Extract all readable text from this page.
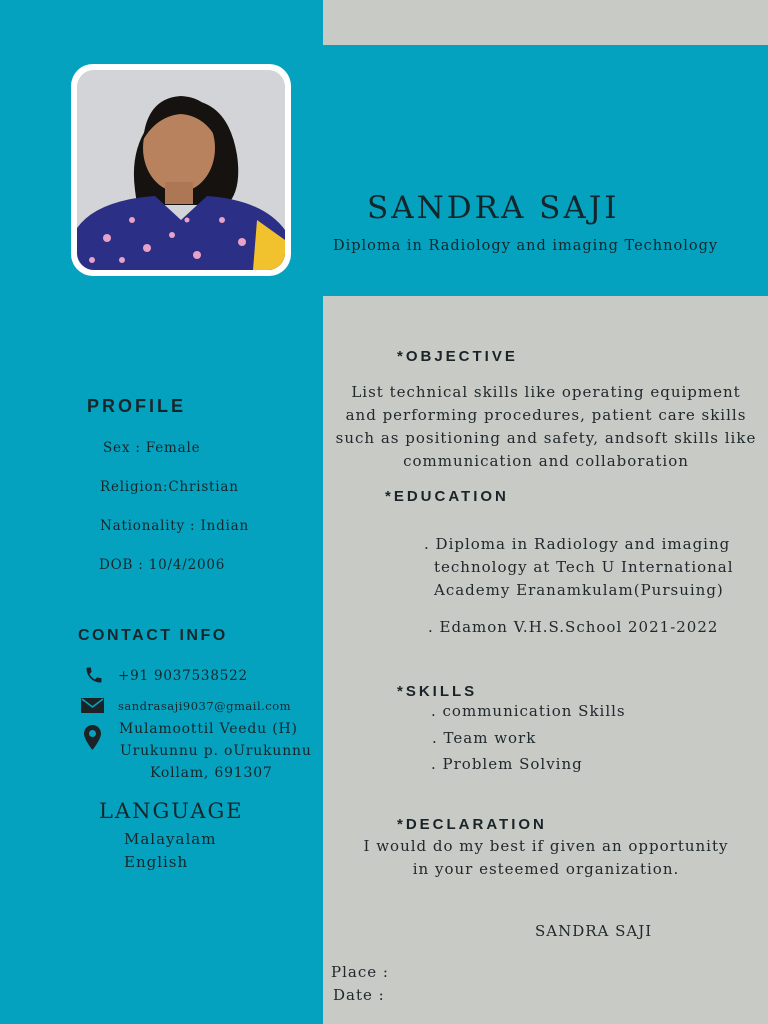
SANDRA SAJI
Diploma in Radiology and imaging Technology
PROFILE
Sex : Female
Religion:Christian
Nationality : Indian
DOB : 10/4/2006
CONTACT INFO
+91 9037538522
sandrasaji9037@gmail.com
Mulamoottil Veedu (H)
Urukunnu p. oUrukunnu
Kollam, 691307
LANGUAGE
Malayalam
English
*OBJECTIVE
List technical skills like operating equipment
and performing procedures, patient care skills
such as positioning and safety, andsoft skills like
communication and collaboration
*EDUCATION
. Diploma in Radiology and imaging
technology at Tech U International
Academy Eranamkulam(Pursuing)
. Edamon V.H.S.School 2021-2022
*SKILLS
. communication Skills
. Team work
. Problem Solving
*DECLARATION
I would do my best if given an opportunity
in your esteemed organization.
SANDRA SAJI
Place :
Date :
